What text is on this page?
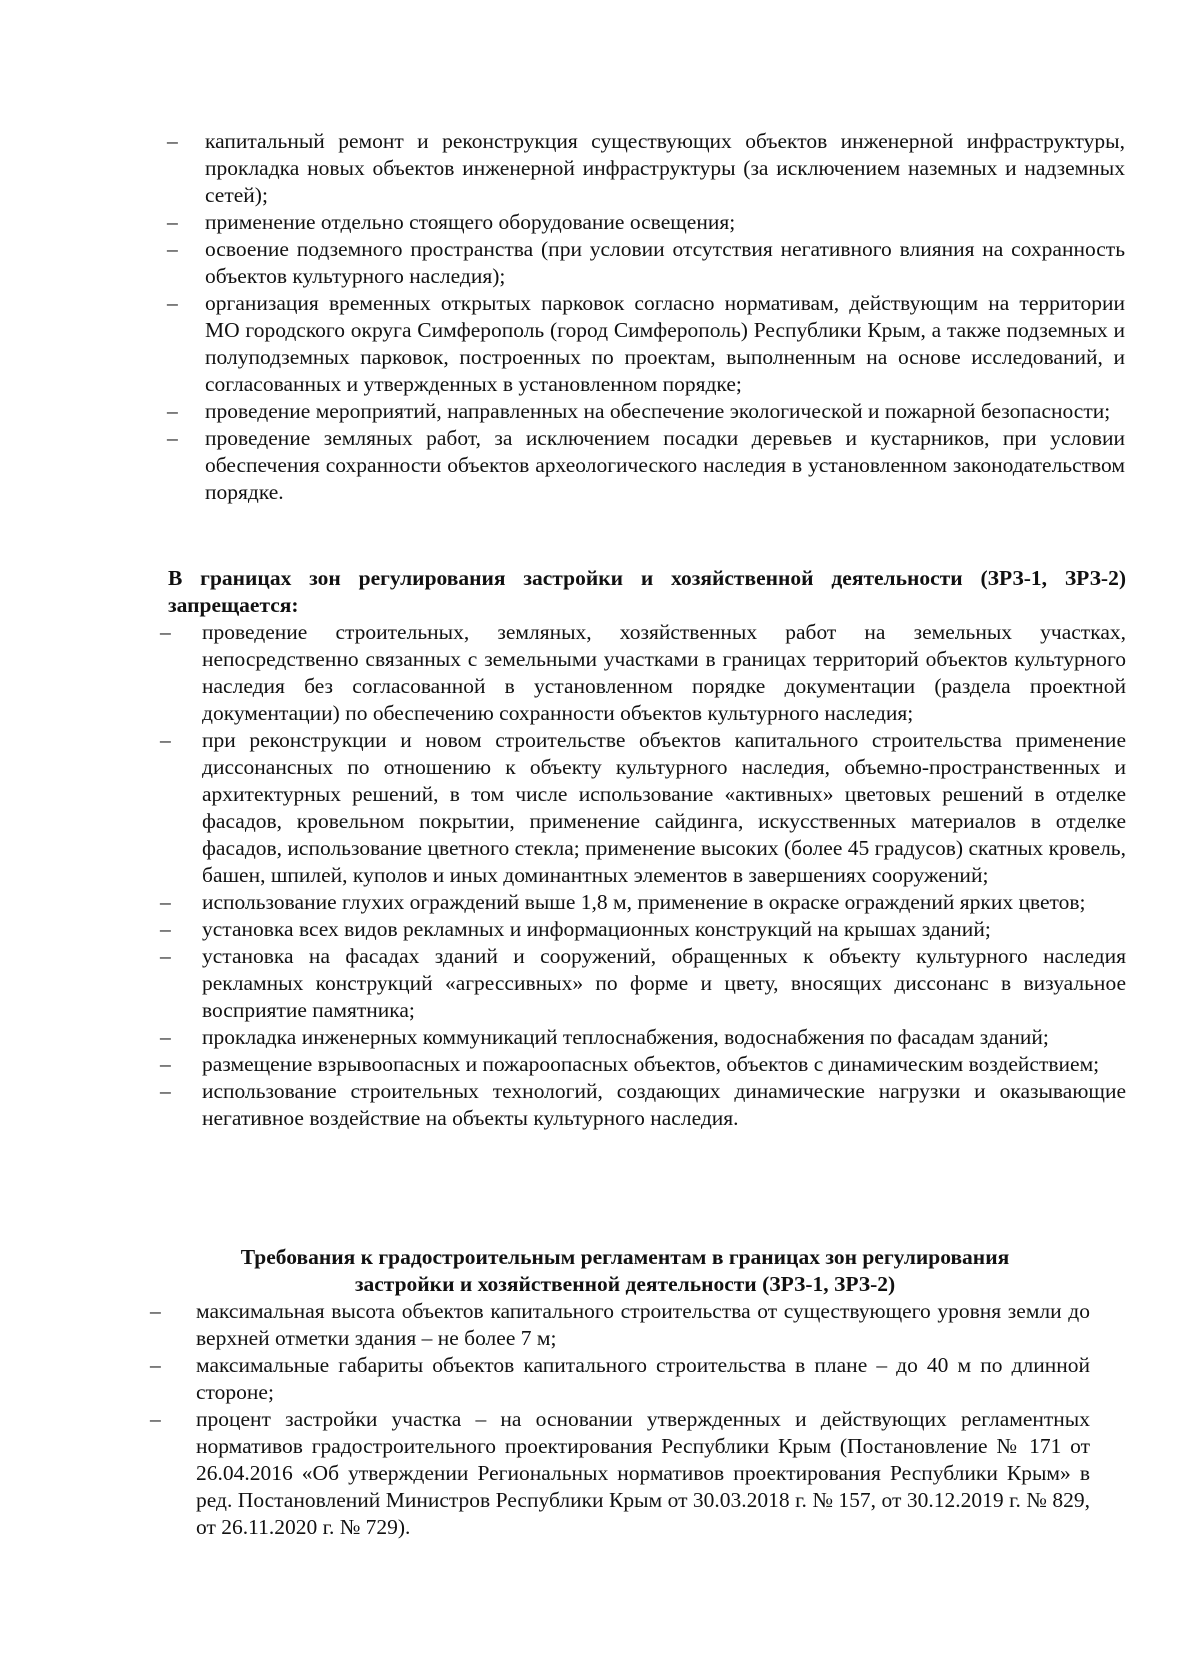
– капитальный ремонт и реконструкция существующих объектов инженерной инфраструктуры, прокладка новых объектов инженерной инфраструктуры (за исключением наземных и надземных сетей);
– применение отдельно стоящего оборудование освещения;
– освоение подземного пространства (при условии отсутствия негативного влияния на сохранность объектов культурного наследия);
– организация временных открытых парковок согласно нормативам, действующим на территории МО городского округа Симферополь (город Симферополь) Республики Крым, а также подземных и полуподземных парковок, построенных по проектам, выполненным на основе исследований, и согласованных и утвержденных в установленном порядке;
– проведение мероприятий, направленных на обеспечение экологической и пожарной безопасности;
– проведение земляных работ, за исключением посадки деревьев и кустарников, при условии обеспечения сохранности объектов археологического наследия в установленном законодательством порядке.

В границах зон регулирования застройки и хозяйственной деятельности (ЗРЗ-1, ЗРЗ-2) запрещается:

– проведение строительных, земляных, хозяйственных работ на земельных участках, непосредственно связанных с земельными участками в границах территорий объектов культурного наследия без согласованной в установленном порядке документации (раздела проектной документации) по обеспечению сохранности объектов культурного наследия;
– при реконструкции и новом строительстве объектов капитального строительства применение диссонансных по отношению к объекту культурного наследия, объемно-пространственных и архитектурных решений, в том числе использование «активных» цветовых решений в отделке фасадов, кровельном покрытии, применение сайдинга, искусственных материалов в отделке фасадов, использование цветного стекла; применение высоких (более 45 градусов) скатных кровель, башен, шпилей, куполов и иных доминантных элементов в завершениях сооружений;
– использование глухих ограждений выше 1,8 м, применение в окраске ограждений ярких цветов;
– установка всех видов рекламных и информационных конструкций на крышах зданий;
– установка на фасадах зданий и сооружений, обращенных к объекту культурного наследия рекламных конструкций «агрессивных» по форме и цвету, вносящих диссонанс в визуальное восприятие памятника;
– прокладка инженерных коммуникаций теплоснабжения, водоснабжения по фасадам зданий;
– размещение взрывоопасных и пожароопасных объектов, объектов с динамическим воздействием;
– использование строительных технологий, создающих динамические нагрузки и оказывающие негативное воздействие на объекты культурного наследия.

Требования к градостроительным регламентам в границах зон регулирования

застройки и хозяйственной деятельности (ЗРЗ-1, ЗРЗ-2)

– максимальная высота объектов капитального строительства от существующего уровня земли до верхней отметки здания – не более 7 м;
– максимальные габариты объектов капитального строительства в плане – до 40 м по длинной стороне;
– процент застройки участка – на основании утвержденных и действующих регламентных нормативов градостроительного проектирования Республики Крым (Постановление № 171 от 26.04.2016 «Об утверждении Региональных нормативов проектирования Республики Крым» в ред. Постановлений Министров Республики Крым от 30.03.2018 г. № 157, от 30.12.2019 г. № 829, от 26.11.2020 г. № 729).
